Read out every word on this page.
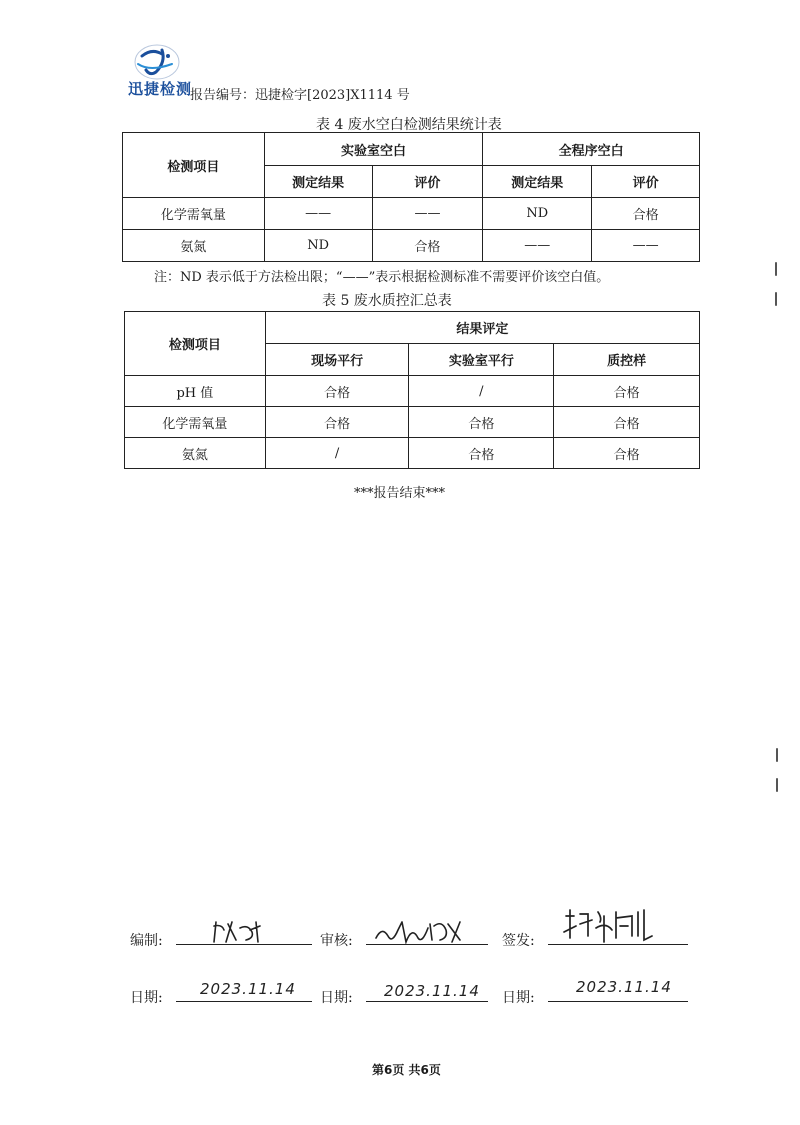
迅捷检测
报告编号：迅捷检字[2023]X1114 号
表 4 废水空白检测结果统计表
检测项目	实验室空白		全程序空白	
	测定结果	评价	测定结果	评价
化学需氧量	——	——	ND	合格
氨氮	ND	合格	——	——
注：ND 表示低于方法检出限；“——”表示根据检测标准不需要评价该空白值。
表 5 废水质控汇总表
检测项目	结果评定		
	现场平行	实验室平行	质控样
pH 值	合格	/	合格
化学需氧量	合格	合格	合格
氨氮	/	合格	合格
***报告结束***
编制:	审核:	签发:
日期: 2023.11.14 日期: 2023.11.14 日期:
2023.11.14
第6页 共6页
